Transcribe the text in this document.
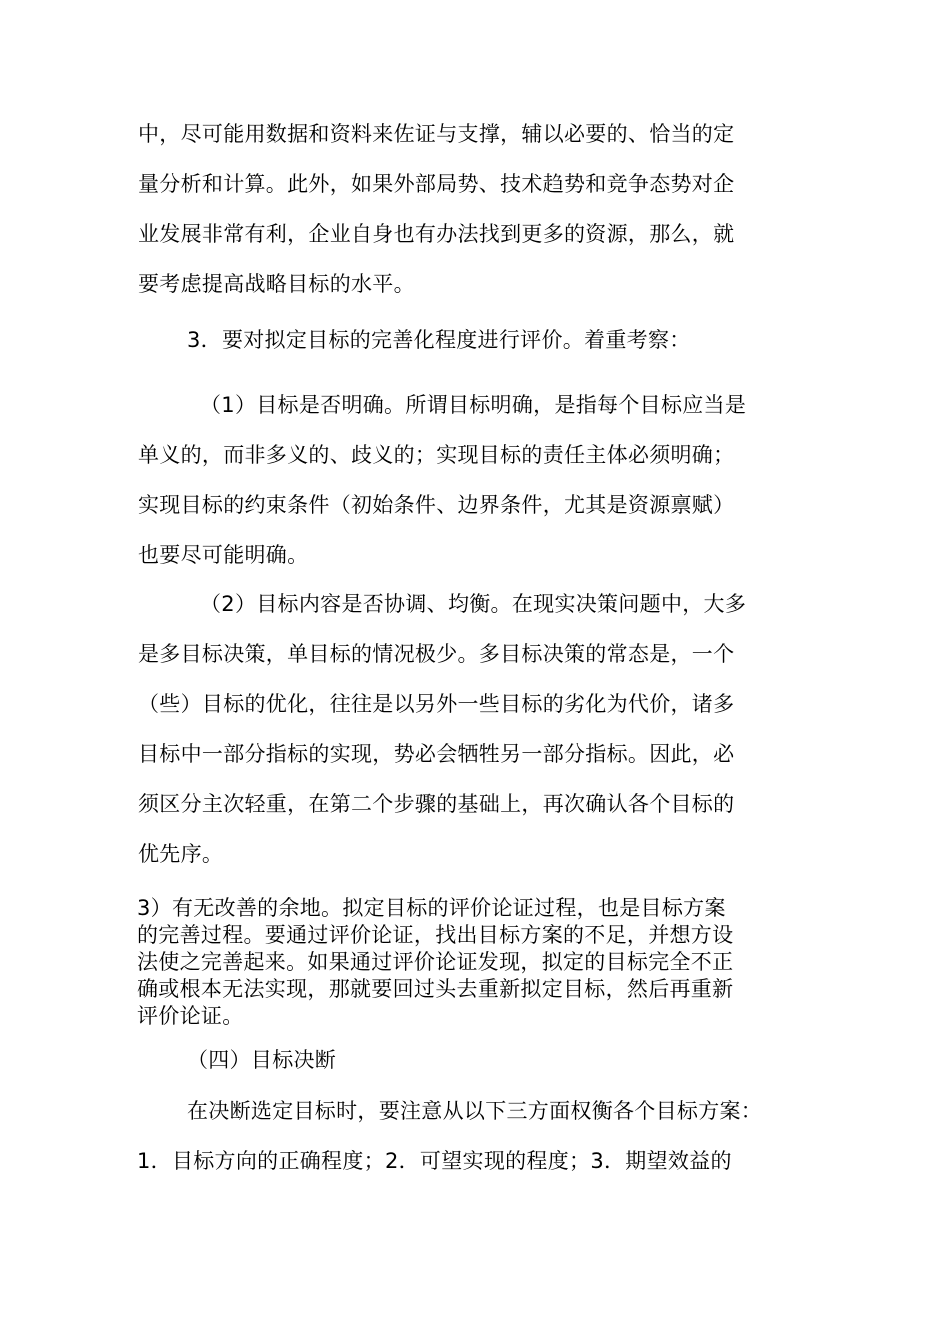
中，尽可能用数据和资料来佐证与支撑，辅以必要的、恰当的定
量分析和计算。此外，如果外部局势、技术趋势和竞争态势对企
业发展非常有利，企业自身也有办法找到更多的资源，那么，就
要考虑提高战略目标的水平。
3．要对拟定目标的完善化程度进行评价。着重考察：
（1）目标是否明确。所谓目标明确，是指每个目标应当是
单义的，而非多义的、歧义的；实现目标的责任主体必须明确；
实现目标的约束条件（初始条件、边界条件，尤其是资源禀赋）
也要尽可能明确。
（2）目标内容是否协调、均衡。在现实决策问题中，大多
是多目标决策，单目标的情况极少。多目标决策的常态是，一个
（些）目标的优化，往往是以另外一些目标的劣化为代价，诸多
目标中一部分指标的实现，势必会牺牲另一部分指标。因此，必
须区分主次轻重，在第二个步骤的基础上，再次确认各个目标的
优先序。
3）有无改善的余地。拟定目标的评价论证过程，也是目标方案
的完善过程。要通过评价论证，找出目标方案的不足，并想方设
法使之完善起来。如果通过评价论证发现，拟定的目标完全不正
确或根本无法实现，那就要回过头去重新拟定目标，然后再重新
评价论证。
（四）目标决断
在决断选定目标时，要注意从以下三方面权衡各个目标方案：
1．目标方向的正确程度；2．可望实现的程度；3．期望效益的
